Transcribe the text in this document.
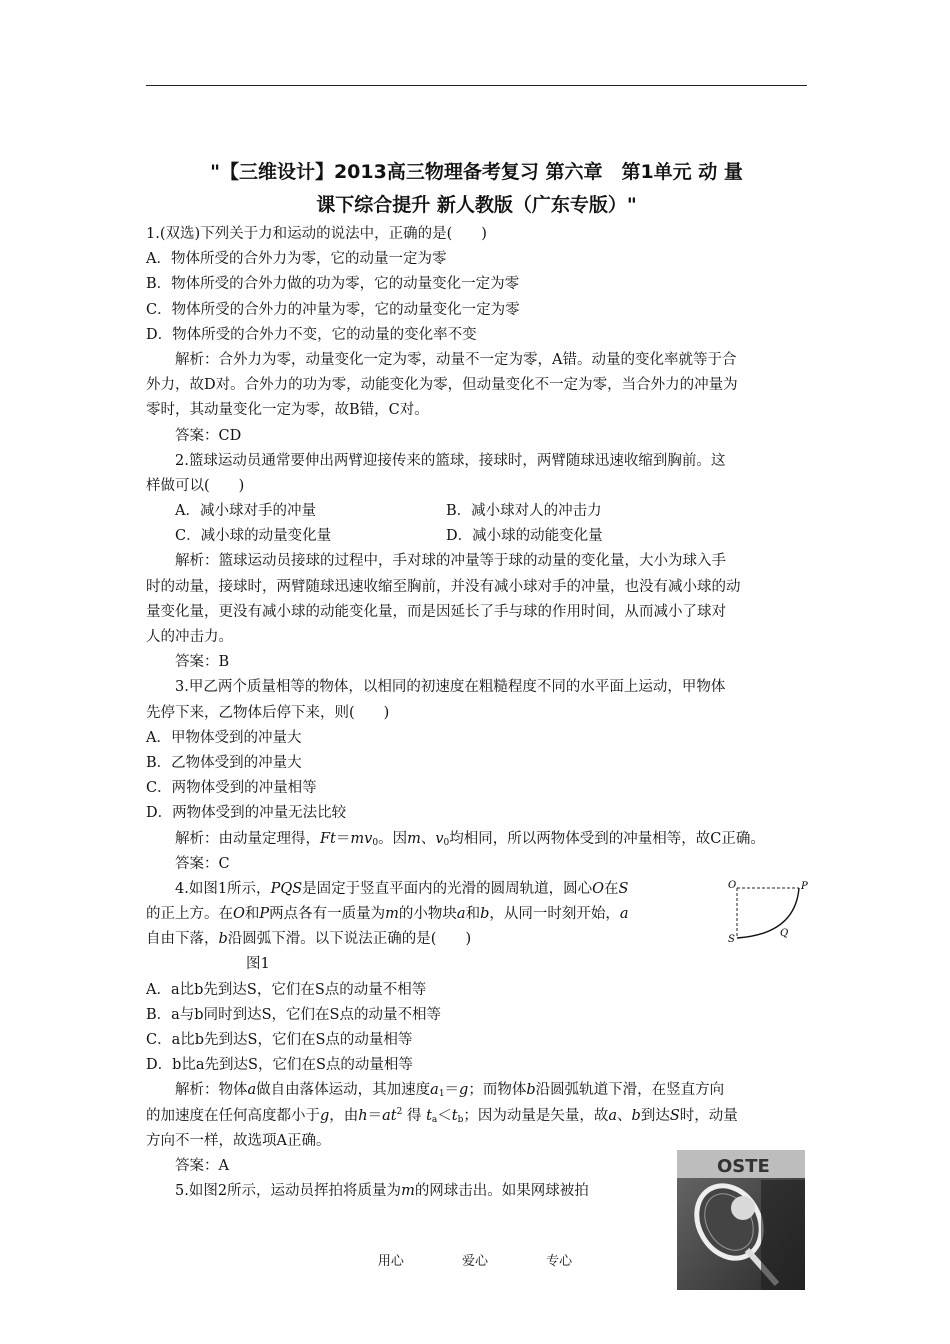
"【三维设计】2013高三物理备考复习 第六章　第1单元 动 量
课下综合提升 新人教版（广东专版）"
1.(双选)下列关于力和运动的说法中，正确的是(　　)
A．物体所受的合外力为零，它的动量一定为零
B．物体所受的合外力做的功为零，它的动量变化一定为零
C．物体所受的合外力的冲量为零，它的动量变化一定为零
D．物体所受的合外力不变，它的动量的变化率不变
解析：合外力为零，动量变化一定为零，动量不一定为零，A错。动量的变化率就等于合
外力，故D对。合外力的功为零，动能变化为零，但动量变化不一定为零，当合外力的冲量为
零时，其动量变化一定为零，故B错，C对。
答案：CD
2.篮球运动员通常要伸出两臂迎接传来的篮球，接球时，两臂随球迅速收缩到胸前。这
样做可以(　　)
A．减小球对手的冲量	B．减小球对人的冲击力
C．减小球的动量变化量	D．减小球的动能变化量
解析：篮球运动员接球的过程中，手对球的冲量等于球的动量的变化量，大小为球入手
时的动量，接球时，两臂随球迅速收缩至胸前，并没有减小球对手的冲量，也没有减小球的动
量变化量，更没有减小球的动能变化量，而是因延长了手与球的作用时间，从而减小了球对
人的冲击力。
答案：B
3.甲乙两个质量相等的物体，以相同的初速度在粗糙程度不同的水平面上运动，甲物体
先停下来，乙物体后停下来，则(　　)
A．甲物体受到的冲量大
B．乙物体受到的冲量大
C．两物体受到的冲量相等
D．两物体受到的冲量无法比较
解析：由动量定理得，$Ft=mv_0$。因m、$v_0$均相同，所以两物体受到的冲量相等，故C正确。
答案：C
4.如图1所示，PQS是固定于竖直平面内的光滑的圆周轨道，圆心O在S
的正上方。在O和P两点各有一质量为m的小物块a和b，从同一时刻开始，a
自由下落，b沿圆弧下滑。以下说法正确的是(　　)
图1
A．a比b先到达S，它们在S点的动量不相等
B．a与b同时到达S，它们在S点的动量不相等
C．a比b先到达S，它们在S点的动量相等
D．b比a先到达S，它们在S点的动量相等
解析：物体a做自由落体运动，其加速度$a_1=g$；而物体b沿圆弧轨道下滑，在竖直方向
的加速度在任何高度都小于g，由$h=at^2$ 得 $t_a<t_b$；因为动量是矢量，故a、b到达S时，动量
方向不一样，故选项A正确。
答案：A
5.如图2所示，运动员挥拍将质量为m的网球击出。如果网球被拍
O	P
S
Q
OSTE
用心	爱心	专心
